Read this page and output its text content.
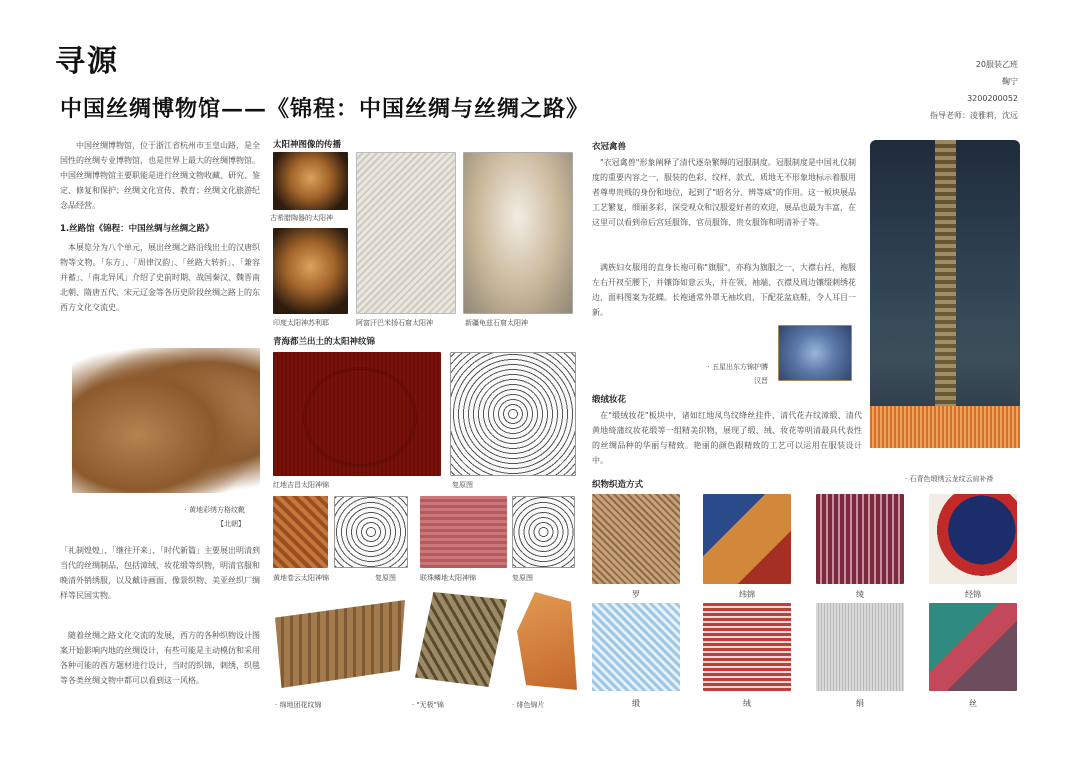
寻源
中国丝绸博物馆——《锦程：中国丝绸与丝绸之路》
20服装乙班
鞠宁
3200200052
指导老师：凌雅莉，沈远
中国丝绸博物馆，位于浙江省杭州市玉皇山路，是全国性的丝绸专业博物馆，也是世界上最大的丝绸博物馆。中国丝绸博物馆主要职能是进行丝绸文物收藏、研究、鉴定、修复和保护；丝绸文化宣传、教育；丝绸文化旅游纪念品经营。
1.丝路馆《锦程：中国丝绸与丝绸之路》
本展览分为八个单元，展出丝绸之路沿线出土的汉唐织物等文物。「东方」、「周律汉韵」、「丝路大转折」、「兼容并蓄」、「南北异风」介绍了史前时期、战国秦汉、魏晋南北朝、隋唐五代、宋元辽金等各历史阶段丝绸之路上的东西方文化交流史。
· 黄地彩绣方格纹靴
【北朝】
「礼制煌煌」、「继往开来」、「时代新篇」主要展出明清到当代的丝绸制品，包括漳绒、妆花缎等织物，明清官服和晚清外销绣服，以及戴诗画面、像景织物、美亚丝织厂绸样等民国实物。
随着丝绸之路文化交流的发展，西方的各种织物设计图案开始影响内地的丝绸设计，有些可能是主动模仿和采用各种可能的西方题材进行设计，当时的织锦，刺绣，织毯等各类丝绸文物中都可以看到这一风格。
太阳神图像的传播
古希腊陶器的太阳神
印度太阳神苏利耶	阿富汗巴米扬石窟太阳神	新疆龟兹石窟太阳神
青海都兰出土的太阳神纹锦
红地吉昌太阳神锦	复原图
黄地卷云太阳神锦	复原图	联珠鳞地太阳神锦	复原图
· 绵地团花纹锦	· "无极"锦	· 绯色锦片
衣冠禽兽
"衣冠禽兽"形象阐释了清代逐杂繁缛的冠服制度。冠服制度是中国礼仪制度的重要内容之一，服装的色彩、纹样、款式、质地无不形象地标示着服用者尊卑贵贱的身份和地位，起到了"昭名分、辨等威"的作用。这一板块展品工艺繁复，细丽多彩，深受观众和汉服爱好者的欢迎，展品也最为丰富，在这里可以看到帝后宫廷服饰、官员服饰、贵女服饰和明清补子等。
满族妇女服用的直身长袍可称"旗服"，亦称为旗服之一，大襟右衽，袍服左右开衩至腰下，并镶饰如意云头，并在领、袖端、衣襟及周边镶缀刺绣花边，面料图案为花蝶。长袍通常外罩无袖坎肩，下配花盆底鞋，令人耳目一新。
· 五星出东方锦护膊
汉晋
· 石青色缎绣云龙纹云肩补褂
缎绒妆花
在"缎绒妆花"板块中，诸如红地凤鸟纹绛丝挂件、清代花卉纹漳缎、清代黄地绮蒲纹妆花缎等一组精美织物，展现了缎、绒、妆花等明清最具代表性的丝绸品种的华丽与精致。艳丽的颜色跟精致的工艺可以运用在服装设计中。
织物织造方式
罗	纬锦	绫	经锦
缎	绒	绢	丝
